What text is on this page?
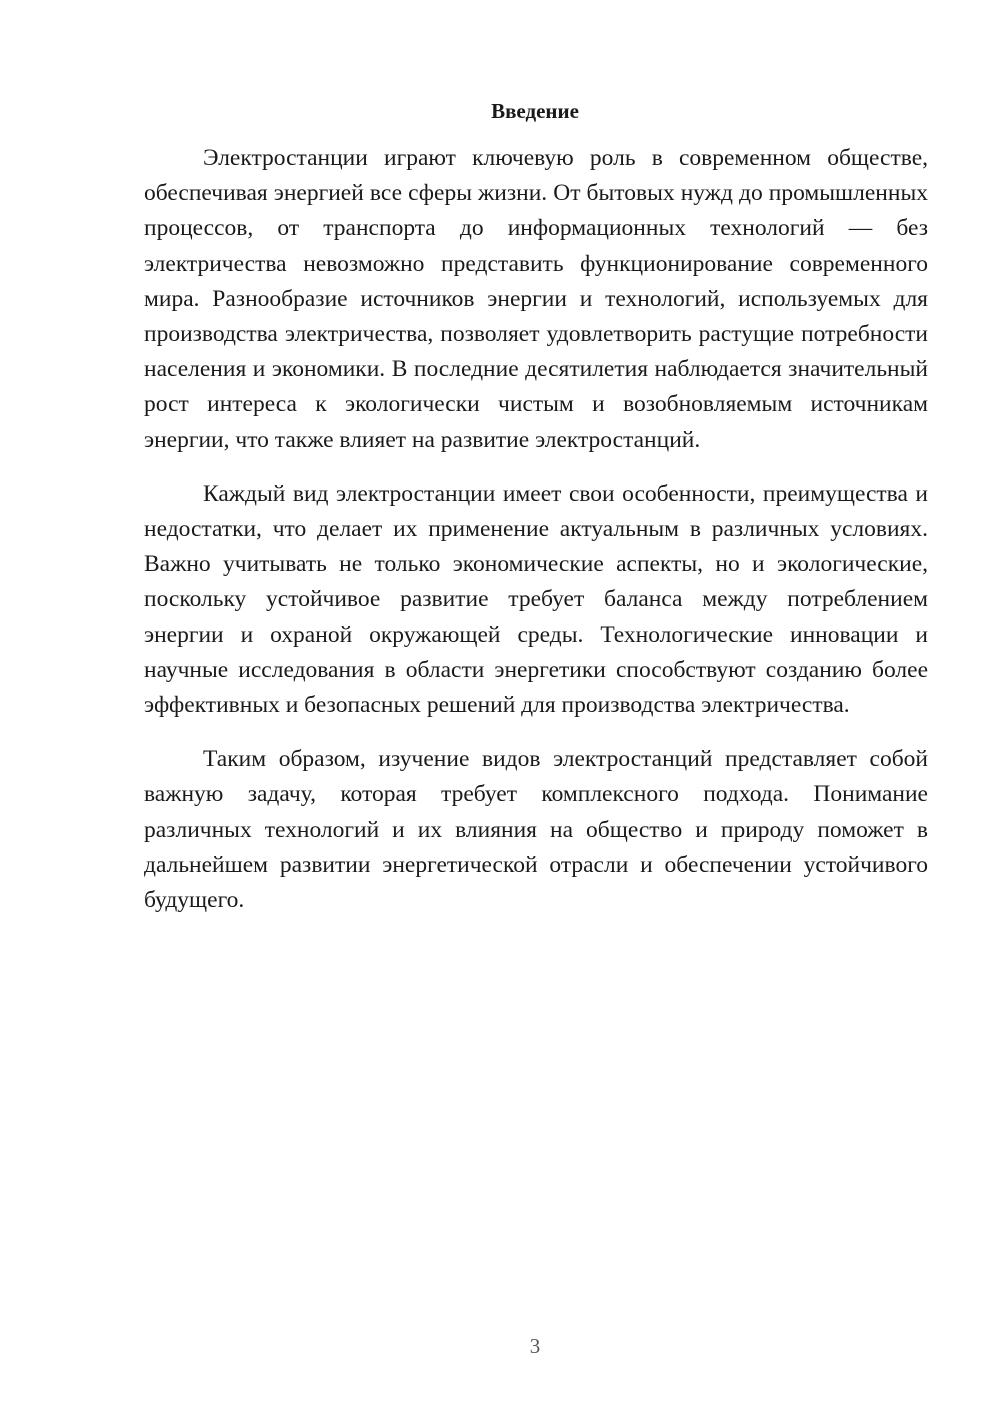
Введение

Электростанции играют ключевую роль в современном обществе, обеспечивая энергией все сферы жизни. От бытовых нужд до промышленных процессов, от транспорта до информационных технологий — без электричества невозможно представить функционирование современного мира. Разнообразие источников энергии и технологий, используемых для производства электричества, позволяет удовлетворить растущие потребности населения и экономики. В последние десятилетия наблюдается значительный рост интереса к экологически чистым и возобновляемым источникам энергии, что также влияет на развитие электростанций.

Каждый вид электростанции имеет свои особенности, преимущества и недостатки, что делает их применение актуальным в различных условиях. Важно учитывать не только экономические аспекты, но и экологические, поскольку устойчивое развитие требует баланса между потреблением энергии и охраной окружающей среды. Технологические инновации и научные исследования в области энергетики способствуют созданию более эффективных и безопасных решений для производства электричества.

Таким образом, изучение видов электростанций представляет собой важную задачу, которая требует комплексного подхода. Понимание различных технологий и их влияния на общество и природу поможет в дальнейшем развитии энергетической отрасли и обеспечении устойчивого будущего.

3
